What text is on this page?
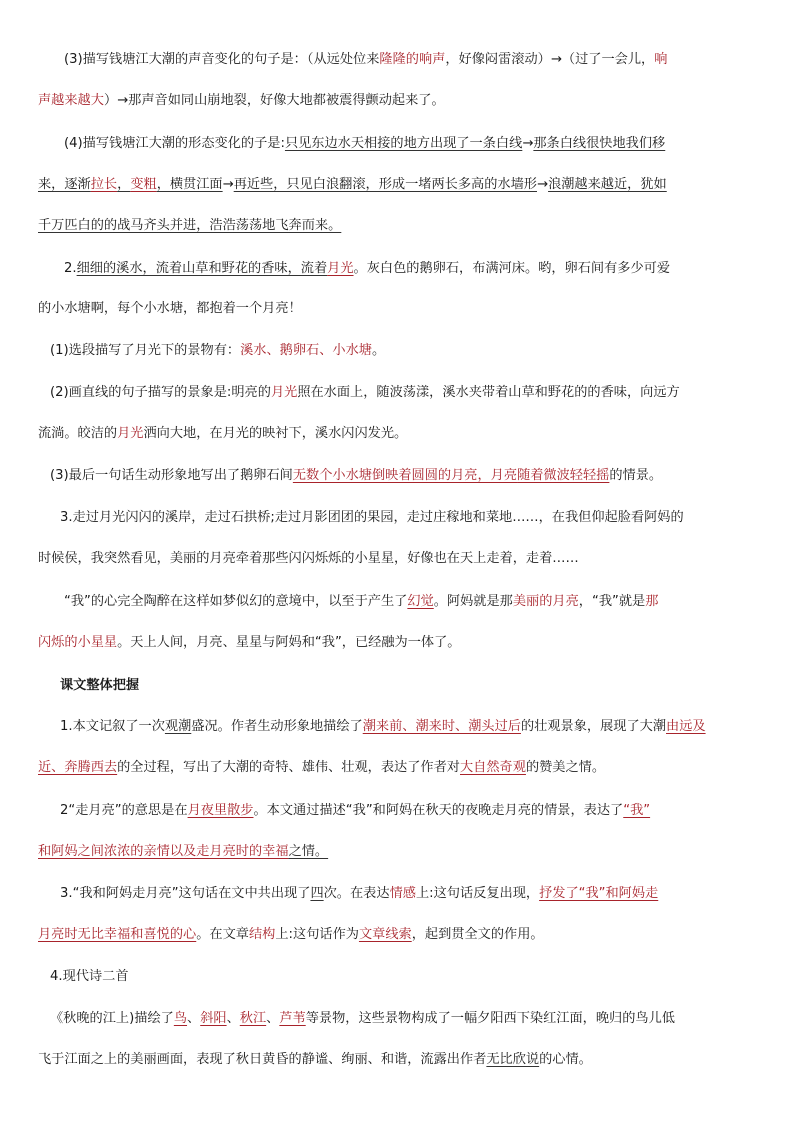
(3)描写钱塘江大潮的声音变化的句子是：（从远处位来隆隆的响声，好像闷雷滚动）→（过了一会儿，响
声越来越大）→那声音如同山崩地裂，好像大地都被震得颤动起来了。
(4)描写钱塘江大潮的形态变化的子是:只见东边水天相接的地方出现了一条白线→那条白线很快地我们移
来，逐渐拉长，变粗，横贯江面→再近些，只见白浪翻滚，形成一堵两长多高的水墙形→浪潮越来越近，犹如
千万匹白的的战马齐头并进，浩浩荡荡地飞奔而来。
2.细细的溪水，流着山草和野花的香味，流着月光。灰白色的鹅卵石，布满河床。哟，卵石间有多少可爱
的小水塘啊，每个小水塘，都抱着一个月亮！
(1)选段描写了月光下的景物有：溪水、鹅卵石、小水塘。
(2)画直线的句子描写的景象是:明亮的月光照在水面上，随波荡漾，溪水夹带着山草和野花的的香味，向远方
流淌。皎洁的月光洒向大地，在月光的映衬下，溪水闪闪发光。
(3)最后一句话生动形象地写出了鹅卵石间无数个小水塘倒映着圆圆的月亮，月亮随着微波轻轻摇的情景。
3.走过月光闪闪的溪岸，走过石拱桥;走过月影团团的果园，走过庄稼地和菜地……，在我但仰起脸看阿妈的
时候侯，我突然看见，美丽的月亮牵着那些闪闪烁烁的小星星，好像也在天上走着，走着……
“我”的心完全陶醉在这样如梦似幻的意境中，以至于产生了幻觉。阿妈就是那美丽的月亮，“我”就是那
闪烁的小星星。天上人间，月亮、星星与阿妈和“我”，已经融为一体了。
课文整体把握
1.本文记叙了一次观潮盛况。作者生动形象地描绘了潮来前、潮来时、潮头过后的壮观景象，展现了大潮由远及
近、奔腾西去的全过程，写出了大潮的奇特、雄伟、壮观，表达了作者对大自然奇观的赞美之情。
2“走月亮”的意思是在月夜里散步。本文通过描述“我”和阿妈在秋天的夜晚走月亮的情景，表达了“我”
和阿妈之间浓浓的亲情以及走月亮时的幸福之情。
3.“我和阿妈走月亮”这句话在文中共出现了四次。在表达情感上:这句话反复出现，抒发了“我”和阿妈走
月亮时无比幸福和喜悦的心。在文章结构上:这句话作为文章线索，起到贯全文的作用。
4.现代诗二首
《秋晚的江上)描绘了鸟、斜阳、秋江、芦苇等景物，这些景物构成了一幅夕阳西下染红江面，晚归的鸟儿低
飞于江面之上的美丽画面，表现了秋日黄昏的静谧、绚丽、和谐，流露出作者无比欣说的心情。
